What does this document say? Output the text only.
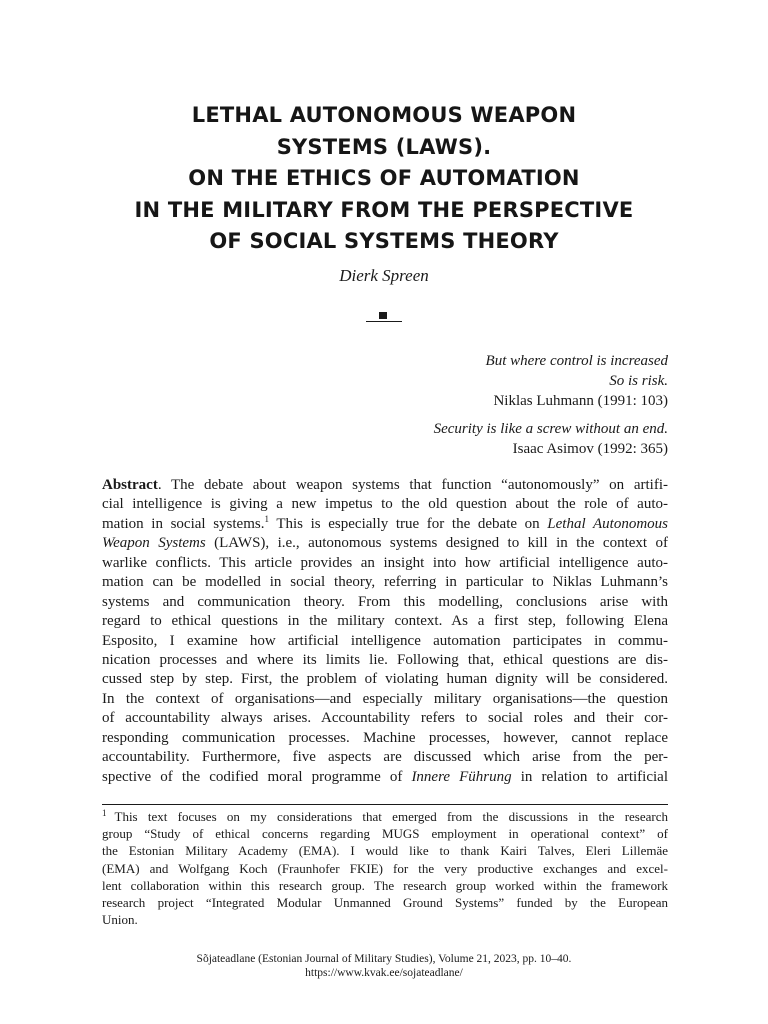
LETHAL AUTONOMOUS WEAPON
SYSTEMS (LAWS).
ON THE ETHICS OF AUTOMATION
IN THE MILITARY FROM THE PERSPECTIVE
OF SOCIAL SYSTEMS THEORY
Dierk Spreen
But where control is increased
So is risk.
Niklas Luhmann (1991: 103)
Security is like a screw without an end.
Isaac Asimov (1992: 365)
Abstract. The debate about weapon systems that function “autonomously” on artifi-
cial intelligence is giving a new impetus to the old question about the role of auto-
mation in social systems.$^1$ This is especially true for the debate on Lethal Autonomous
Weapon Systems (LAWS), i.e., autonomous systems designed to kill in the context of
warlike conflicts. This article provides an insight into how artificial intelligence auto-
mation can be modelled in social theory, referring in particular to Niklas Luhmann’s
systems and communication theory. From this modelling, conclusions arise with
regard to ethical questions in the military context. As a first step, following Elena
Esposito, I examine how artificial intelligence automation participates in commu-
nication processes and where its limits lie. Following that, ethical questions are dis-
cussed step by step. First, the problem of violating human dignity will be considered.
In the context of organisations—and especially military organisations—the question
of accountability always arises. Accountability refers to social roles and their cor-
responding communication processes. Machine processes, however, cannot replace
accountability. Furthermore, five aspects are discussed which arise from the per-
spective of the codified moral programme of Innere Führung in relation to artificial
$^1$ This text focuses on my considerations that emerged from the discussions in the research
group “Study of ethical concerns regarding MUGS employment in operational context” of
the Estonian Military Academy (EMA). I would like to thank Kairi Talves, Eleri Lillemäe
(EMA) and Wolfgang Koch (Fraunhofer FKIE) for the very productive exchanges and excel-
lent collaboration within this research group. The research group worked within the framework
research project “Integrated Modular Unmanned Ground Systems” funded by the European
Union.
Sõjateadlane (Estonian Journal of Military Studies), Volume 21, 2023, pp. 10–40.
https://www.kvak.ee/sojateadlane/
